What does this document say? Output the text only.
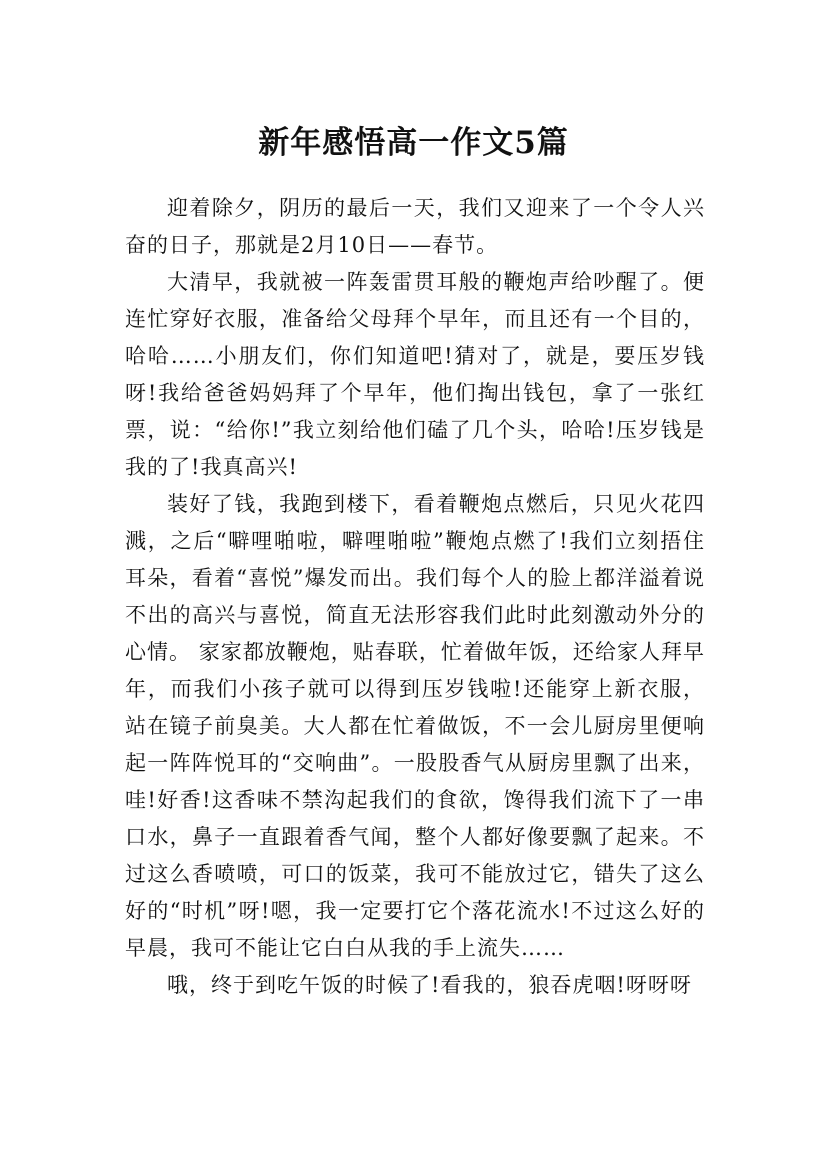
新年感悟高一作文5篇

迎着除夕，阴历的最后一天，我们又迎来了一个令人兴奋的日子，那就是2月10日——春节。

大清早，我就被一阵轰雷贯耳般的鞭炮声给吵醒了。便连忙穿好衣服，准备给父母拜个早年，而且还有一个目的，哈哈……小朋友们，你们知道吧!猜对了，就是，要压岁钱呀!我给爸爸妈妈拜了个早年，他们掏出钱包，拿了一张红票，说：“给你!”我立刻给他们磕了几个头，哈哈!压岁钱是我的了!我真高兴!

装好了钱，我跑到楼下，看着鞭炮点燃后，只见火花四溅，之后“噼哩啪啦，噼哩啪啦”鞭炮点燃了!我们立刻捂住耳朵，看着“喜悦”爆发而出。我们每个人的脸上都洋溢着说不出的高兴与喜悦，简直无法形容我们此时此刻激动外分的心情。 家家都放鞭炮，贴春联，忙着做年饭，还给家人拜早年，而我们小孩子就可以得到压岁钱啦!还能穿上新衣服，站在镜子前臭美。大人都在忙着做饭，不一会儿厨房里便响起一阵阵悦耳的“交响曲”。一股股香气从厨房里飘了出来，哇!好香!这香味不禁沟起我们的食欲，馋得我们流下了一串口水，鼻子一直跟着香气闻，整个人都好像要飘了起来。不过这么香喷喷，可口的饭菜，我可不能放过它，错失了这么好的“时机”呀!嗯，我一定要打它个落花流水!不过这么好的早晨，我可不能让它白白从我的手上流失……

哦，终于到吃午饭的时候了!看我的，狼吞虎咽!呀呀呀
